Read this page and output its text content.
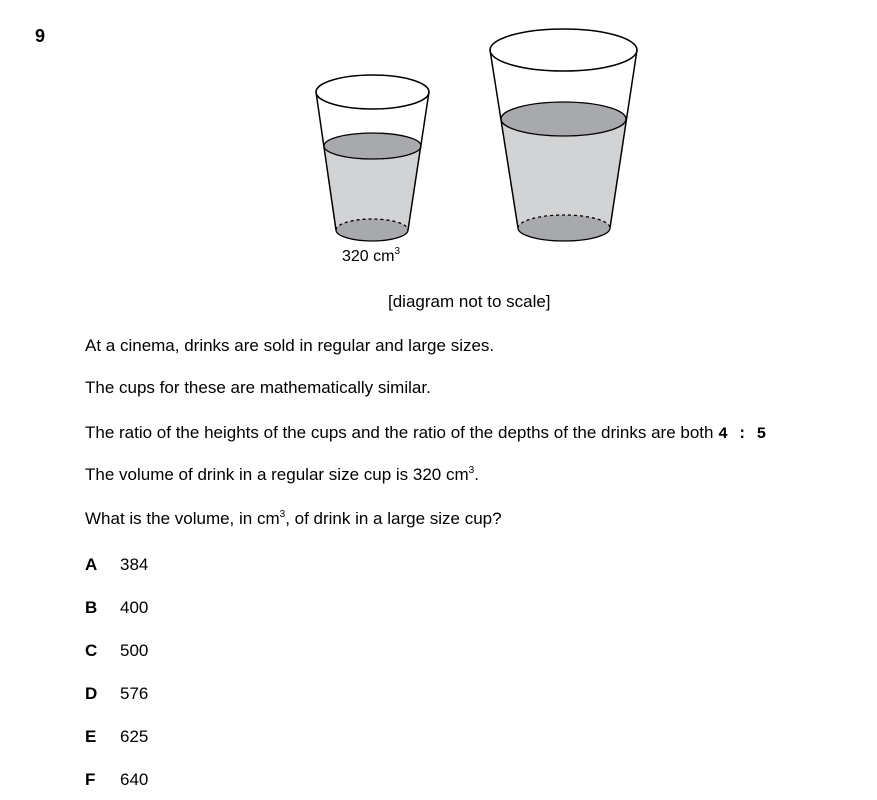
9
320 $cm^3$
[diagram not to scale]
At a cinema, drinks are sold in regular and large sizes.
The cups for these are mathematically similar.
The ratio of the heights of the cups and the ratio of the depths of the drinks are both 4 : 5
The volume of drink in a regular size cup is 320 $cm^3$.
What is the volume, in $cm^3$, of drink in a large size cup?
A 384
B 400
C 500
D 576
E 625
F 640
